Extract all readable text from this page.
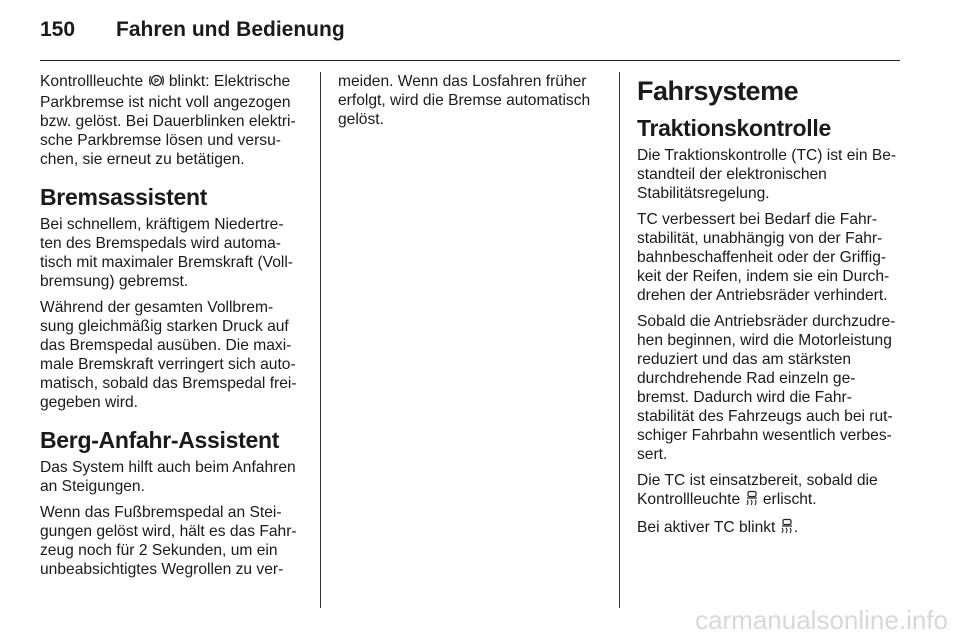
150	Fahren und Bedienung

Kontrollleuchte P blinkt: Elektrische
Parkbremse ist nicht voll angezogen
bzw. gelöst. Bei Dauerblinken elektri-
sche Parkbremse lösen und versu-
chen, sie erneut zu betätigen.

Bremsassistent

Bei schnellem, kräftigem Niedertre-
ten des Bremspedals wird automa-
tisch mit maximaler Bremskraft (Voll-
bremsung) gebremst.

Während der gesamten Vollbrem-
sung gleichmäßig starken Druck auf
das Bremspedal ausüben. Die maxi-
male Bremskraft verringert sich auto-
matisch, sobald das Bremspedal frei-
gegeben wird.

Berg-Anfahr-Assistent

Das System hilft auch beim Anfahren
an Steigungen.

Wenn das Fußbremspedal an Stei-
gungen gelöst wird, hält es das Fahr-
zeug noch für 2 Sekunden, um ein
unbeabsichtigtes Wegrollen zu ver-

meiden. Wenn das Losfahren früher
erfolgt, wird die Bremse automatisch
gelöst.

Fahrsysteme
Traktionskontrolle

Die Traktionskontrolle (TC) ist ein Be-
standteil der elektronischen
Stabilitätsregelung.

TC verbessert bei Bedarf die Fahr-
stabilität, unabhängig von der Fahr-
bahnbeschaffenheit oder der Griffig-
keit der Reifen, indem sie ein Durch-
drehen der Antriebsräder verhindert.

Sobald die Antriebsräder durchzudre-
hen beginnen, wird die Motorleistung
reduziert und das am stärksten
durchdrehende Rad einzeln ge-
bremst. Dadurch wird die Fahr-
stabilität des Fahrzeugs auch bei rut-
schiger Fahrbahn wesentlich verbes-
sert.

Die TC ist einsatzbereit, sobald die
Kontrollleuchte erlischt.

Bei aktiver TC blinkt .

carmanualsonline.info
